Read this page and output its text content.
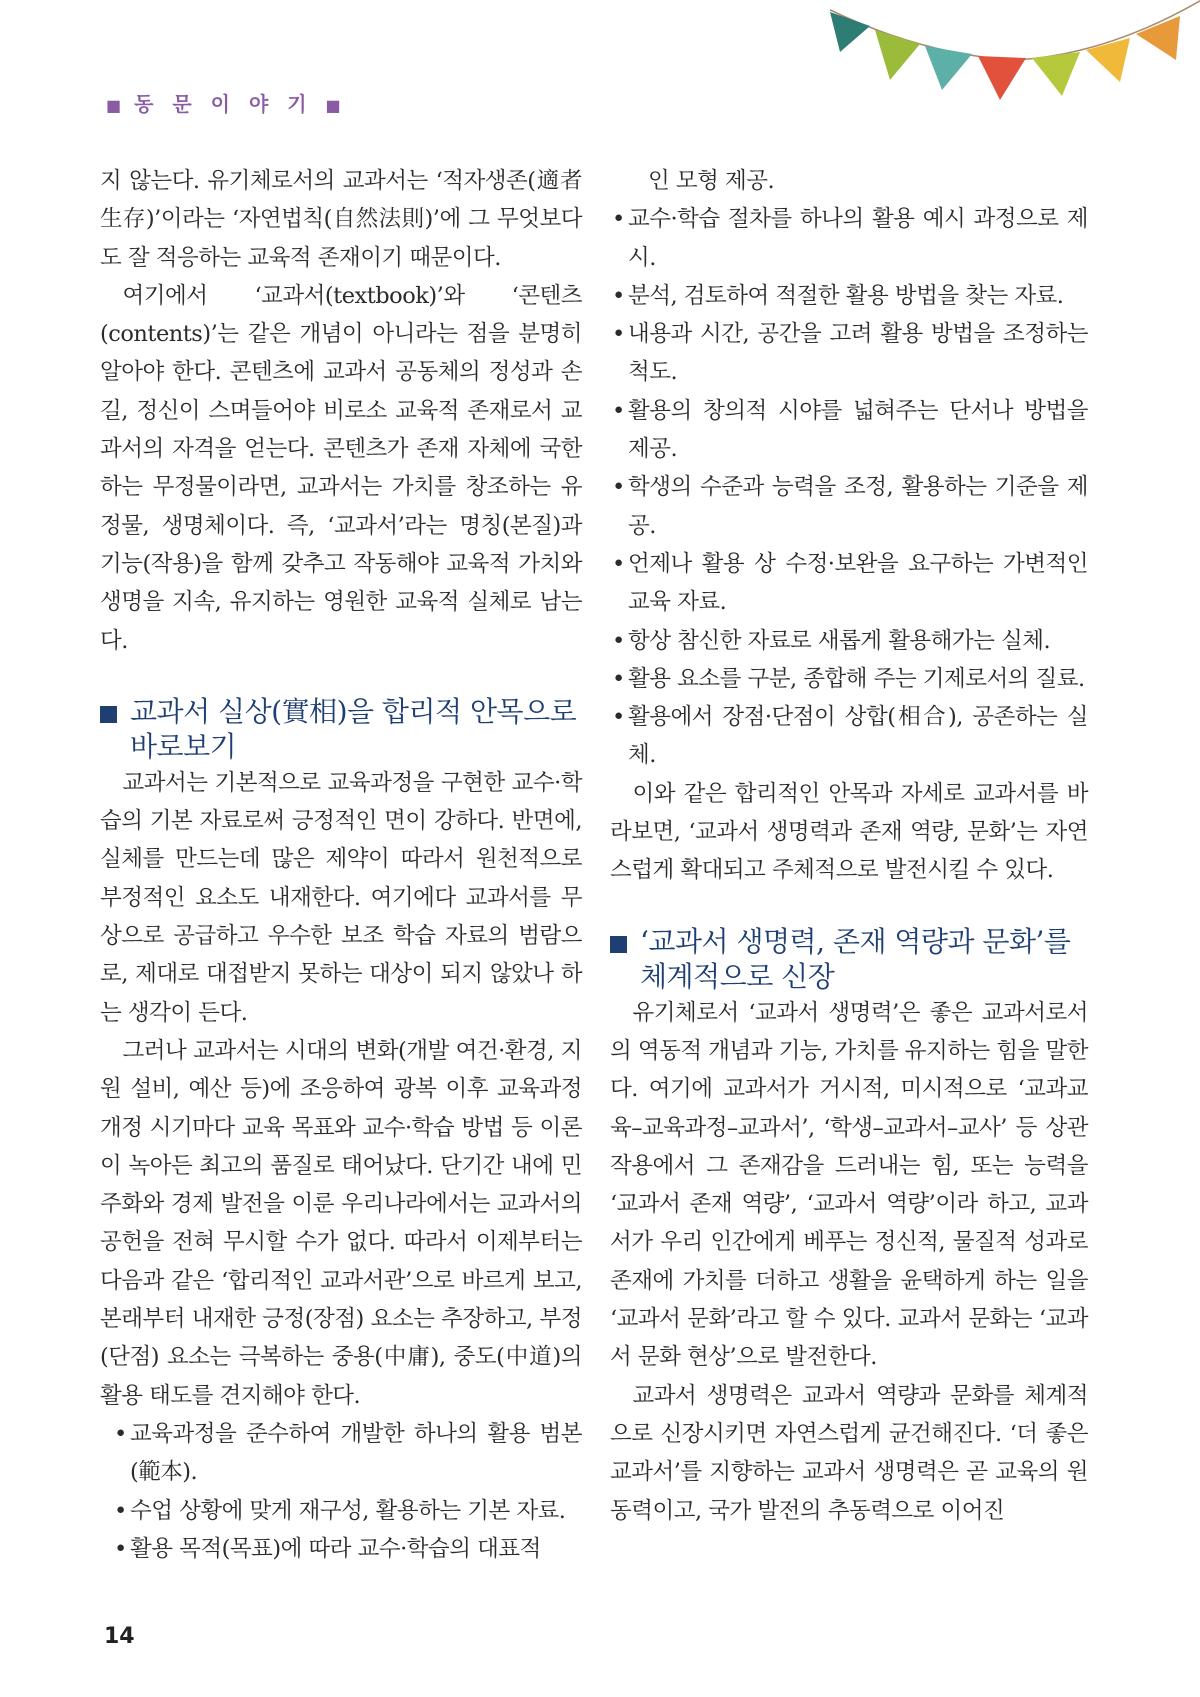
■ 동 문 이 야 기 ■

지 않는다. 유기체로서의 교과서는 ‘적자생존(適者生存)’이라는 ‘자연법칙(自然法則)’에 그 무엇보다도 잘 적응하는 교육적 존재이기 때문이다.

여기에서 ‘교과서(textbook)’와 ‘콘텐츠(contents)’는 같은 개념이 아니라는 점을 분명히 알아야 한다. 콘텐츠에 교과서 공동체의 정성과 손길, 정신이 스며들어야 비로소 교육적 존재로서 교과서의 자격을 얻는다. 콘텐츠가 존재 자체에 국한하는 무정물이라면, 교과서는 가치를 창조하는 유정물, 생명체이다. 즉, ‘교과서’라는 명칭(본질)과 기능(작용)을 함께 갖추고 작동해야 교육적 가치와 생명을 지속, 유지하는 영원한 교육적 실체로 남는다.

교과서 실상(實相)을 합리적 안목으로 바로보기

교과서는 기본적으로 교육과정을 구현한 교수·학습의 기본 자료로써 긍정적인 면이 강하다. 반면에, 실체를 만드는데 많은 제약이 따라서 원천적으로 부정적인 요소도 내재한다. 여기에다 교과서를 무상으로 공급하고 우수한 보조 학습 자료의 범람으로, 제대로 대접받지 못하는 대상이 되지 않았나 하는 생각이 든다.

그러나 교과서는 시대의 변화(개발 여건·환경, 지원 설비, 예산 등)에 조응하여 광복 이후 교육과정 개정 시기마다 교육 목표와 교수·학습 방법 등 이론이 녹아든 최고의 품질로 태어났다. 단기간 내에 민주화와 경제 발전을 이룬 우리나라에서는 교과서의 공헌을 전혀 무시할 수가 없다. 따라서 이제부터는 다음과 같은 ‘합리적인 교과서관’으로 바르게 보고, 본래부터 내재한 긍정(장점) 요소는 추장하고, 부정(단점) 요소는 극복하는 중용(中庸), 중도(中道)의 활용 태도를 견지해야 한다.

• 교육과정을 준수하여 개발한 하나의 활용 범본(範本).
• 수업 상황에 맞게 재구성, 활용하는 기본 자료.
• 활용 목적(목표)에 따라 교수·학습의 대표적

인 모형 제공.

• 교수·학습 절차를 하나의 활용 예시 과정으로 제시.
• 분석, 검토하여 적절한 활용 방법을 찾는 자료.
• 내용과 시간, 공간을 고려 활용 방법을 조정하는 척도.
• 활용의 창의적 시야를 넓혀주는 단서나 방법을 제공.
• 학생의 수준과 능력을 조정, 활용하는 기준을 제공.
• 언제나 활용 상 수정·보완을 요구하는 가변적인 교육 자료.
• 항상 참신한 자료로 새롭게 활용해가는 실체.
• 활용 요소를 구분, 종합해 주는 기제로서의 질료.
• 활용에서 장점·단점이 상합(相合), 공존하는 실체.

이와 같은 합리적인 안목과 자세로 교과서를 바라보면, ‘교과서 생명력과 존재 역량, 문화’는 자연스럽게 확대되고 주체적으로 발전시킬 수 있다.

‘교과서 생명력, 존재 역량과 문화’를 체계적으로 신장

유기체로서 ‘교과서 생명력’은 좋은 교과서로서의 역동적 개념과 기능, 가치를 유지하는 힘을 말한다. 여기에 교과서가 거시적, 미시적으로 ‘교과교육–교육과정–교과서’, ‘학생–교과서–교사’ 등 상관 작용에서 그 존재감을 드러내는 힘, 또는 능력을 ‘교과서 존재 역량’, ‘교과서 역량’이라 하고, 교과서가 우리 인간에게 베푸는 정신적, 물질적 성과로 존재에 가치를 더하고 생활을 윤택하게 하는 일을 ‘교과서 문화’라고 할 수 있다. 교과서 문화는 ‘교과서 문화 현상’으로 발전한다.

교과서 생명력은 교과서 역량과 문화를 체계적으로 신장시키면 자연스럽게 균건해진다. ‘더 좋은 교과서’를 지향하는 교과서 생명력은 곧 교육의 원동력이고, 국가 발전의 추동력으로 이어진

14
